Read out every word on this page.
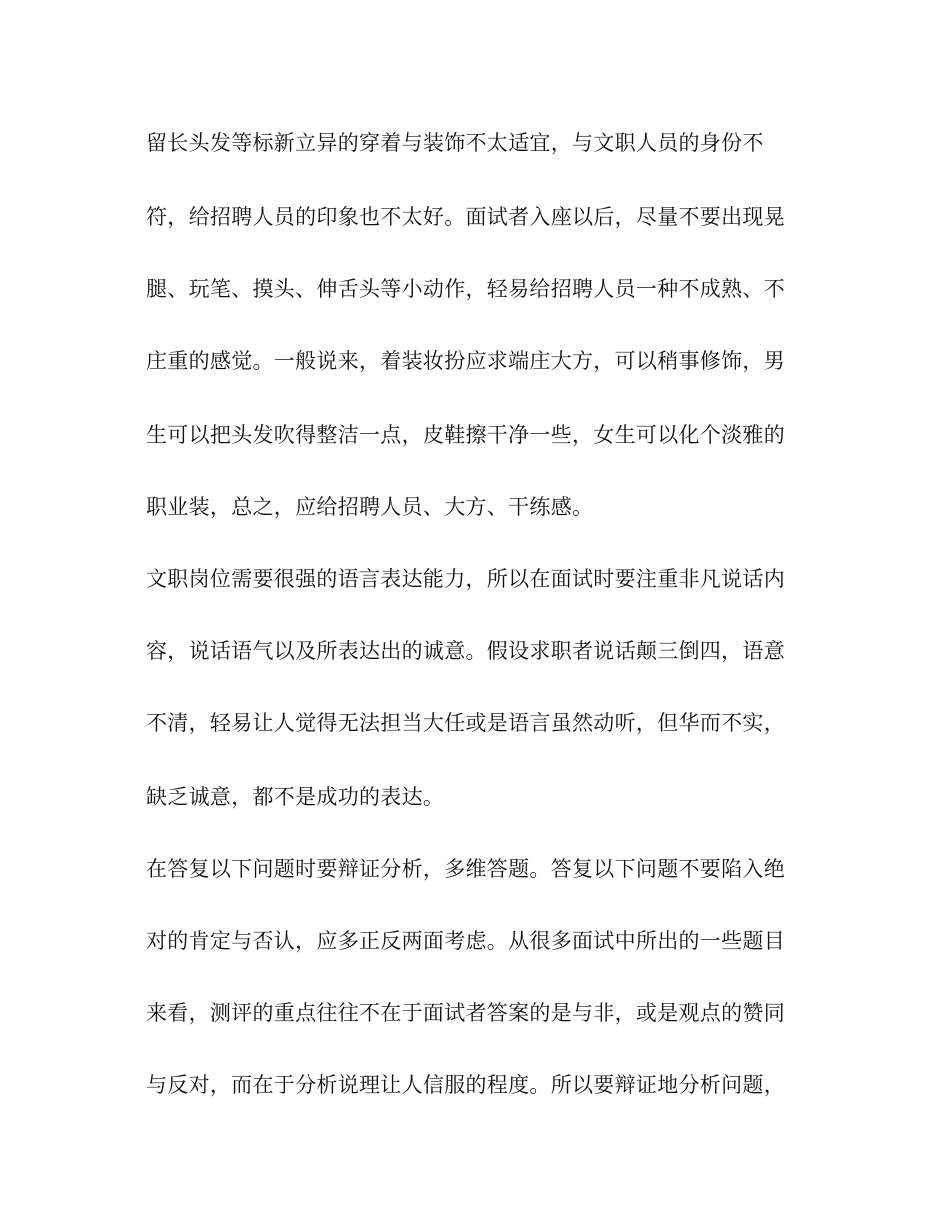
留长头发等标新立异的穿着与装饰不太适宜，与文职人员的身份不
符，给招聘人员的印象也不太好。面试者入座以后，尽量不要出现晃
腿、玩笔、摸头、伸舌头等小动作，轻易给招聘人员一种不成熟、不
庄重的感觉。一般说来，着装妆扮应求端庄大方，可以稍事修饰，男
生可以把头发吹得整洁一点，皮鞋擦干净一些，女生可以化个淡雅的
职业装，总之，应给招聘人员、大方、干练感。
文职岗位需要很强的语言表达能力，所以在面试时要注重非凡说话内
容，说话语气以及所表达出的诚意。假设求职者说话颠三倒四，语意
不清，轻易让人觉得无法担当大任或是语言虽然动听，但华而不实，
缺乏诚意，都不是成功的表达。
在答复以下问题时要辩证分析，多维答题。答复以下问题不要陷入绝
对的肯定与否认，应多正反两面考虑。从很多面试中所出的一些题目
来看，测评的重点往往不在于面试者答案的是与非，或是观点的赞同
与反对，而在于分析说理让人信服的程度。所以要辩证地分析问题，
